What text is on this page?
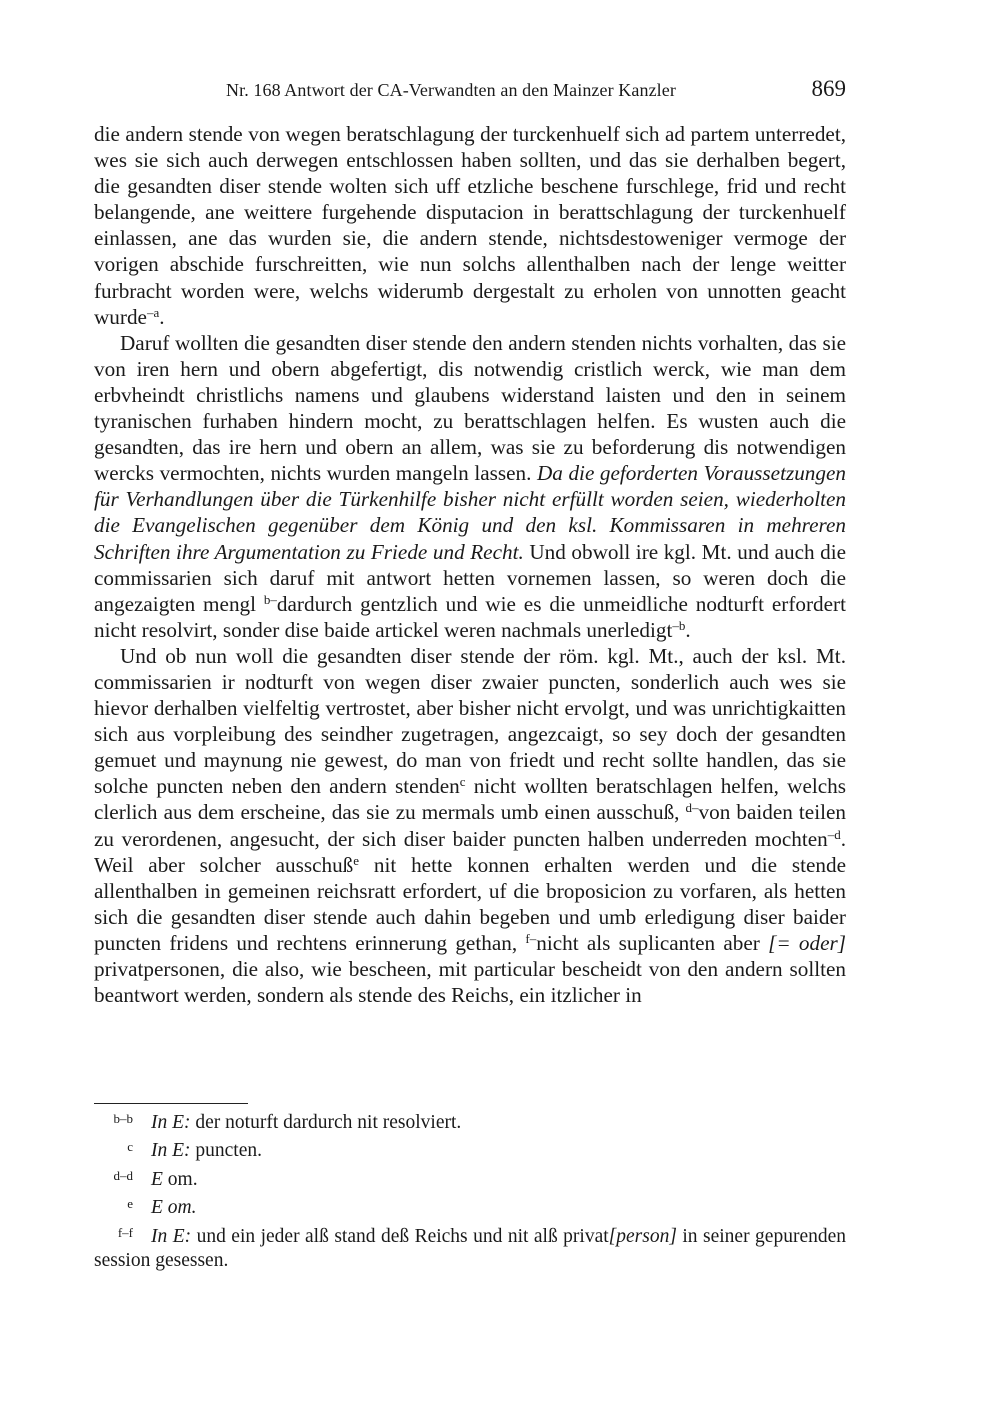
Nr. 168 Antwort der CA-Verwandten an den Mainzer Kanzler	869

die andern stende von wegen beratschlagung der turckenhuelf sich ad partem unterredet, wes sie sich auch derwegen entschlossen haben sollten, und das sie derhalben begert, die gesandten diser stende wolten sich uff etzliche beschene furschlege, frid und recht belangende, ane weittere furgehende disputacion in berattschlagung der turckenhuelf einlassen, ane das wurden sie, die andern stende, nichtsdestoweniger vermoge der vorigen abschide furschreitten, wie nun solchs allenthalben nach der lenge weitter furbracht worden were, welchs widerumb dergestalt zu erholen von unnotten geacht wurde$^{-a}$.

Daruf wollten die gesandten diser stende den andern stenden nichts vorhalten, das sie von iren hern und obern abgefertigt, dis notwendig cristlich werck, wie man dem erbvheindt christlichs namens und glaubens widerstand laisten und den in seinem tyranischen furhaben hindern mocht, zu berattschlagen helfen. Es wusten auch die gesandten, das ire hern und obern an allem, was sie zu beforderung dis notwendigen wercks vermochten, nichts wurden mangeln lassen. Da die geforderten Voraussetzungen für Verhandlungen über die Türkenhilfe bisher nicht erfüllt worden seien, wiederholten die Evangelischen gegenüber dem König und den ksl. Kommissaren in mehreren Schriften ihre Argumentation zu Friede und Recht. Und obwoll ire kgl. Mt. und auch die commissarien sich daruf mit antwort hetten vornemen lassen, so weren doch die angezaigten mengl $^{b-}$dardurch gentzlich und wie es die unmeidliche nodturft erfordert nicht resolvirt, sonder dise baide artickel weren nachmals unerledigt$^{-b}$.

Und ob nun woll die gesandten diser stende der röm. kgl. Mt., auch der ksl. Mt. commissarien ir nodturft von wegen diser zwaier puncten, sonderlich auch wes sie hievor derhalben vielfeltig vertrostet, aber bisher nicht ervolgt, und was unrichtigkaitten sich aus vorpleibung des seindher zugetragen, angezcaigt, so sey doch der gesandten gemuet und maynung nie gewest, do man von friedt und recht sollte handlen, das sie solche puncten neben den andern stenden$^c$ nicht wollten beratschlagen helfen, welchs clerlich aus dem erscheine, das sie zu mermals umb einen ausschuß, $^{d-}$von baiden teilen zu verordenen, angesucht, der sich diser baider puncten halben underreden mochten$^{-d}$. Weil aber solcher ausschuß$^e$ nit hette konnen erhalten werden und die stende allenthalben in gemeinen reichsratt erfordert, uf die broposicion zu vorfaren, als hetten sich die gesandten diser stende auch dahin begeben und umb erledigung diser baider puncten fridens und rechtens erinnerung gethan, $^{f-}$nicht als suplicanten aber [= oder] privatpersonen, die also, wie bescheen, mit particular bescheidt von den andern sollten beantwort werden, sondern als stende des Reichs, ein itzlicher in

b–b In E: der noturft dardurch nit resolviert.
c In E: puncten.
d–d E om.
e E om.
f–f In E: und ein jeder alß stand deß Reichs und nit alß privat[person] in seiner gepurenden session gesessen.
